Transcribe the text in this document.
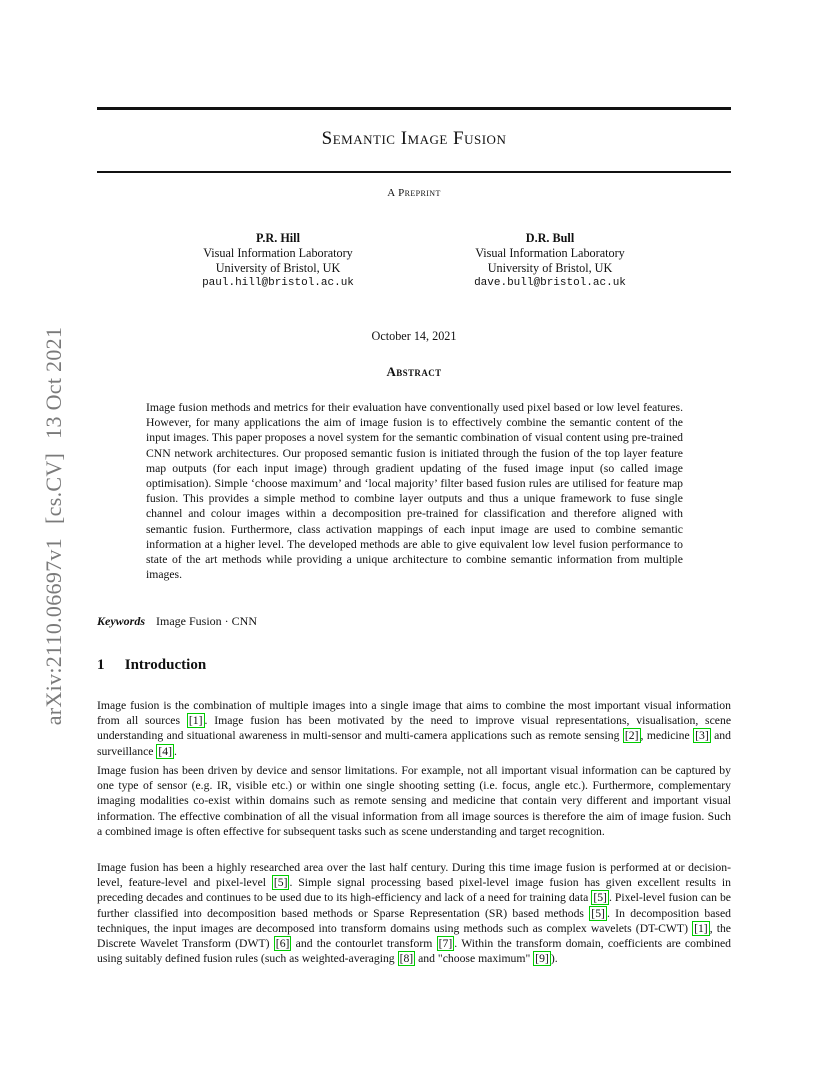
Semantic Image Fusion
A Preprint
P.R. Hill
Visual Information Laboratory
University of Bristol, UK
paul.hill@bristol.ac.uk
D.R. Bull
Visual Information Laboratory
University of Bristol, UK
dave.bull@bristol.ac.uk
October 14, 2021
Abstract
Image fusion methods and metrics for their evaluation have conventionally used pixel based or low level features. However, for many applications the aim of image fusion is to effectively combine the semantic content of the input images. This paper proposes a novel system for the semantic combination of visual content using pre-trained CNN network architectures. Our proposed semantic fusion is initiated through the fusion of the top layer feature map outputs (for each input image) through gradient updating of the fused image input (so called image optimisation). Simple ‘choose maximum’ and ‘local majority’ filter based fusion rules are utilised for feature map fusion. This provides a simple method to combine layer outputs and thus a unique framework to fuse single channel and colour images within a decomposition pre-trained for classification and therefore aligned with semantic fusion. Furthermore, class activation mappings of each input image are used to combine semantic information at a higher level. The developed methods are able to give equivalent low level fusion performance to state of the art methods while providing a unique architecture to combine semantic information from multiple images.
Keywords Image Fusion · CNN
1 Introduction
Image fusion is the combination of multiple images into a single image that aims to combine the most important visual information from all sources [1] . Image fusion has been motivated by the need to improve visual representations, visualisation, scene understanding and situational awareness in multi-sensor and multi-camera applications such as remote sensing [2] , medicine [3] and surveillance [4] .
Image fusion has been driven by device and sensor limitations. For example, not all important visual information can be captured by one type of sensor (e.g. IR, visible etc.) or within one single shooting setting (i.e. focus, angle etc.). Furthermore, complementary imaging modalities co-exist within domains such as remote sensing and medicine that contain very different and important visual information. The effective combination of all the visual information from all image sources is therefore the aim of image fusion. Such a combined image is often effective for subsequent tasks such as scene understanding and target recognition.
Image fusion has been a highly researched area over the last half century. During this time image fusion is performed at or decision-level, feature-level and pixel-level [5] . Simple signal processing based pixel-level image fusion has given excellent results in preceding decades and continues to be used due to its high-efficiency and lack of a need for training data [5] . Pixel-level fusion can be further classified into decomposition based methods or Sparse Representation (SR) based methods [5] . In decomposition based techniques, the input images are decomposed into transform domains using methods such as complex wavelets (DT-CWT) [1] , the Discrete Wavelet Transform (DWT) [6] and the contourlet transform [7] . Within the transform domain, coefficients are combined using suitably defined fusion rules (such as weighted-averaging [8] and "choose maximum" [9] ).
arXiv:2110.06697v1[cs.CV]13 Oct 2021
